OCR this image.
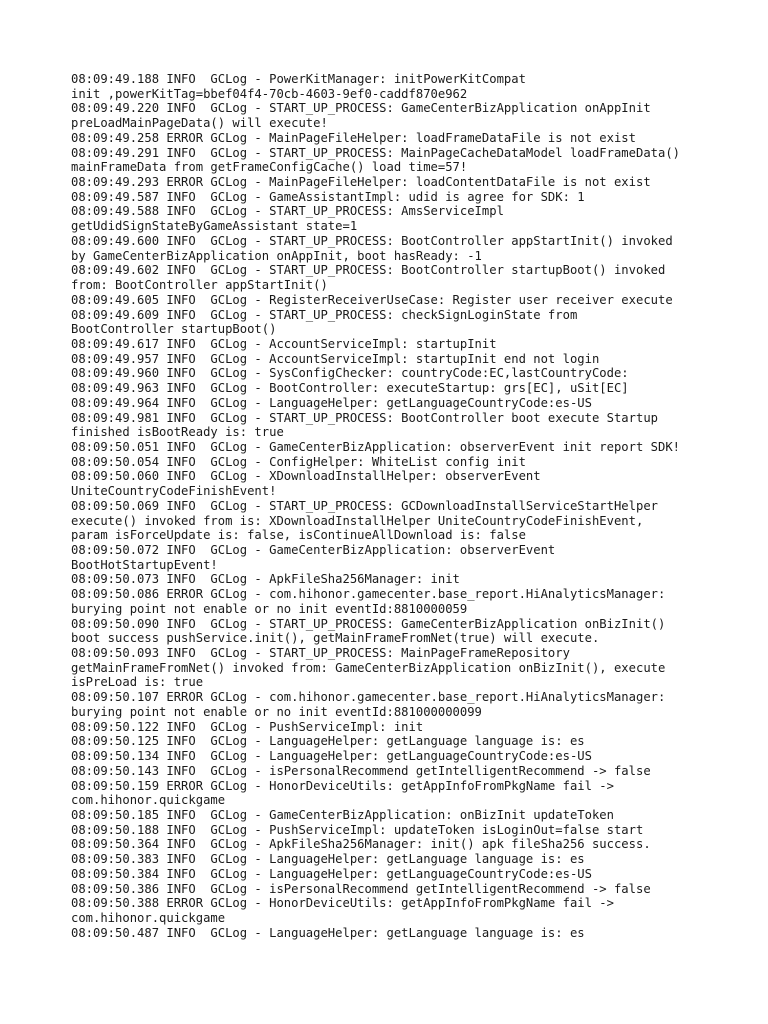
08:09:49.188 INFO  GCLog - PowerKitManager: initPowerKitCompat
init ,powerKitTag=bbef04f4-70cb-4603-9ef0-caddf870e962
08:09:49.220 INFO  GCLog - START_UP_PROCESS: GameCenterBizApplication onAppInit
preLoadMainPageData() will execute!
08:09:49.258 ERROR GCLog - MainPageFileHelper: loadFrameDataFile is not exist
08:09:49.291 INFO  GCLog - START_UP_PROCESS: MainPageCacheDataModel loadFrameData()
mainFrameData from getFrameConfigCache() load time=57!
08:09:49.293 ERROR GCLog - MainPageFileHelper: loadContentDataFile is not exist
08:09:49.587 INFO  GCLog - GameAssistantImpl: udid is agree for SDK: 1
08:09:49.588 INFO  GCLog - START_UP_PROCESS: AmsServiceImpl
getUdidSignStateByGameAssistant state=1
08:09:49.600 INFO  GCLog - START_UP_PROCESS: BootController appStartInit() invoked
by GameCenterBizApplication onAppInit, boot hasReady: -1
08:09:49.602 INFO  GCLog - START_UP_PROCESS: BootController startupBoot() invoked
from: BootController appStartInit()
08:09:49.605 INFO  GCLog - RegisterReceiverUseCase: Register user receiver execute
08:09:49.609 INFO  GCLog - START_UP_PROCESS: checkSignLoginState from
BootController startupBoot()
08:09:49.617 INFO  GCLog - AccountServiceImpl: startupInit
08:09:49.957 INFO  GCLog - AccountServiceImpl: startupInit end not login
08:09:49.960 INFO  GCLog - SysConfigChecker: countryCode:EC,lastCountryCode:
08:09:49.963 INFO  GCLog - BootController: executeStartup: grs[EC], uSit[EC]
08:09:49.964 INFO  GCLog - LanguageHelper: getLanguageCountryCode:es-US
08:09:49.981 INFO  GCLog - START_UP_PROCESS: BootController boot execute Startup
finished isBootReady is: true
08:09:50.051 INFO  GCLog - GameCenterBizApplication: observerEvent init report SDK!
08:09:50.054 INFO  GCLog - ConfigHelper: WhiteList config init
08:09:50.060 INFO  GCLog - XDownloadInstallHelper: observerEvent
UniteCountryCodeFinishEvent!
08:09:50.069 INFO  GCLog - START_UP_PROCESS: GCDownloadInstallServiceStartHelper
execute() invoked from is: XDownloadInstallHelper UniteCountryCodeFinishEvent,
param isForceUpdate is: false, isContinueAllDownload is: false
08:09:50.072 INFO  GCLog - GameCenterBizApplication: observerEvent
BootHotStartupEvent!
08:09:50.073 INFO  GCLog - ApkFileSha256Manager: init
08:09:50.086 ERROR GCLog - com.hihonor.gamecenter.base_report.HiAnalyticsManager:
burying point not enable or no init eventId:8810000059
08:09:50.090 INFO  GCLog - START_UP_PROCESS: GameCenterBizApplication onBizInit()
boot success pushService.init(), getMainFrameFromNet(true) will execute.
08:09:50.093 INFO  GCLog - START_UP_PROCESS: MainPageFrameRepository
getMainFrameFromNet() invoked from: GameCenterBizApplication onBizInit(), execute
isPreLoad is: true
08:09:50.107 ERROR GCLog - com.hihonor.gamecenter.base_report.HiAnalyticsManager:
burying point not enable or no init eventId:881000000099
08:09:50.122 INFO  GCLog - PushServiceImpl: init
08:09:50.125 INFO  GCLog - LanguageHelper: getLanguage language is: es
08:09:50.134 INFO  GCLog - LanguageHelper: getLanguageCountryCode:es-US
08:09:50.143 INFO  GCLog - isPersonalRecommend getIntelligentRecommend -> false
08:09:50.159 ERROR GCLog - HonorDeviceUtils: getAppInfoFromPkgName fail ->
com.hihonor.quickgame
08:09:50.185 INFO  GCLog - GameCenterBizApplication: onBizInit updateToken
08:09:50.188 INFO  GCLog - PushServiceImpl: updateToken isLoginOut=false start
08:09:50.364 INFO  GCLog - ApkFileSha256Manager: init() apk fileSha256 success.
08:09:50.383 INFO  GCLog - LanguageHelper: getLanguage language is: es
08:09:50.384 INFO  GCLog - LanguageHelper: getLanguageCountryCode:es-US
08:09:50.386 INFO  GCLog - isPersonalRecommend getIntelligentRecommend -> false
08:09:50.388 ERROR GCLog - HonorDeviceUtils: getAppInfoFromPkgName fail ->
com.hihonor.quickgame
08:09:50.487 INFO  GCLog - LanguageHelper: getLanguage language is: es
